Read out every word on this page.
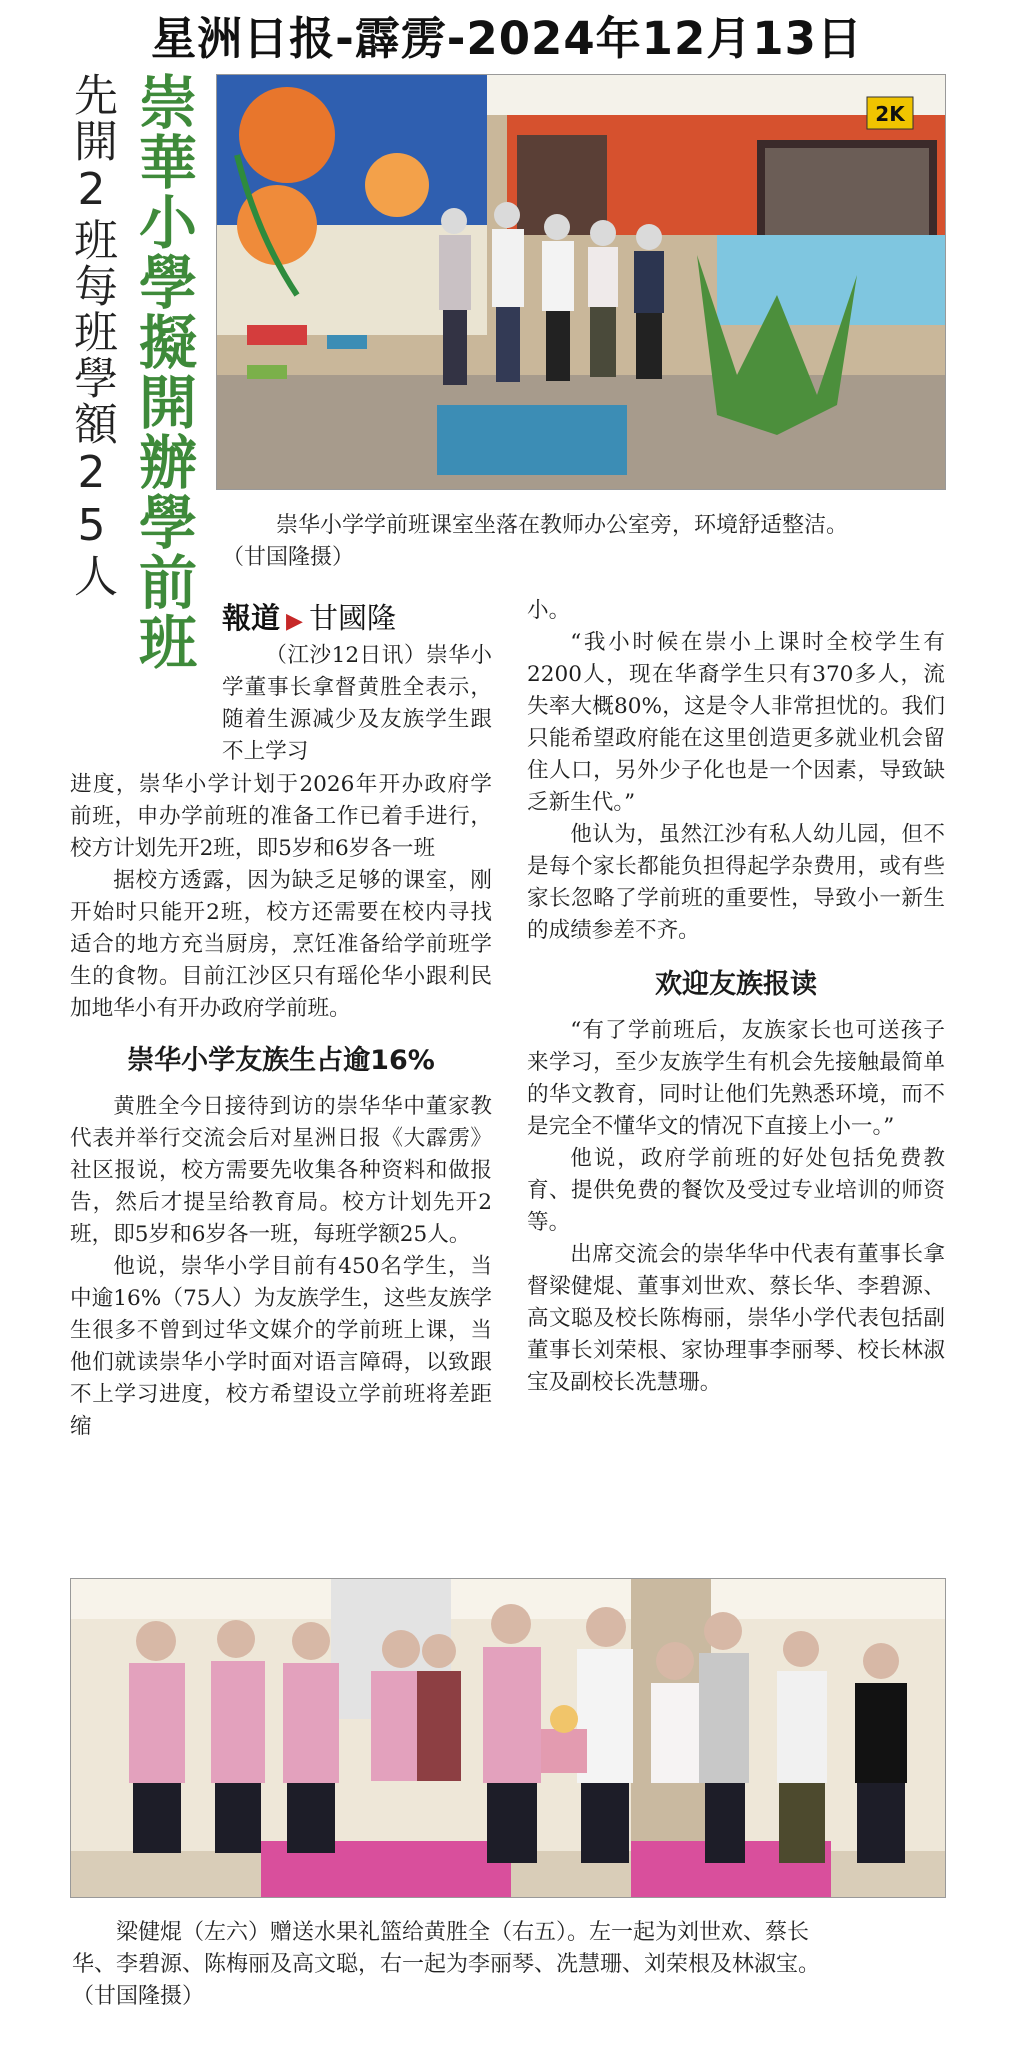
星洲日报-霹雳-2024年12月13日
先開2班每班學額25人 崇華小學擬開辦學前班	2K
崇华小学学前班课室坐落在教师办公室旁，环境舒适整洁。
（甘国隆摄）
報道 ▶ 甘國隆

（江沙12日讯）崇华小学董事长拿督黄胜全表示，随着生源减少及友族学生跟不上学习

进度，崇华小学计划于2026年开办政府学前班，申办学前班的准备工作已着手进行，校方计划先开2班，即5岁和6岁各一班

据校方透露，因为缺乏足够的课室，刚开始时只能开2班，校方还需要在校内寻找适合的地方充当厨房，烹饪准备给学前班学生的食物。目前江沙区只有瑶伦华小跟利民加地华小有开办政府学前班。

崇华小学友族生占逾16%

黄胜全今日接待到访的崇华华中董家教代表并举行交流会后对星洲日报《大霹雳》社区报说，校方需要先收集各种资料和做报告，然后才提呈给教育局。校方计划先开2班，即5岁和6岁各一班，每班学额25人。

他说，崇华小学目前有450名学生，当中逾16%（75人）为友族学生，这些友族学生很多不曾到过华文媒介的学前班上课，当他们就读崇华小学时面对语言障碍，以致跟不上学习进度，校方希望设立学前班将差距缩

小。

“我小时候在崇小上课时全校学生有2200人，现在华裔学生只有370多人，流失率大概80%，这是令人非常担忧的。我们只能希望政府能在这里创造更多就业机会留住人口，另外少子化也是一个因素，导致缺乏新生代。”

他认为，虽然江沙有私人幼儿园，但不是每个家长都能负担得起学杂费用，或有些家长忽略了学前班的重要性，导致小一新生的成绩参差不齐。

欢迎友族报读

“有了学前班后，友族家长也可送孩子来学习，至少友族学生有机会先接触最简单的华文教育，同时让他们先熟悉环境，而不是完全不懂华文的情况下直接上小一。”

他说，政府学前班的好处包括免费教育、提供免费的餐饮及受过专业培训的师资等。

出席交流会的崇华华中代表有董事长拿督梁健焜、董事刘世欢、蔡长华、李碧源、高文聪及校长陈梅丽，崇华小学代表包括副董事长刘荣根、家协理事李丽琴、校长林淑宝及副校长冼慧珊。

梁健焜（左六）赠送水果礼篮给黄胜全（右五）。左一起为刘世欢、蔡长
华、李碧源、陈梅丽及高文聪，右一起为李丽琴、冼慧珊、刘荣根及林淑宝。
（甘国隆摄）
